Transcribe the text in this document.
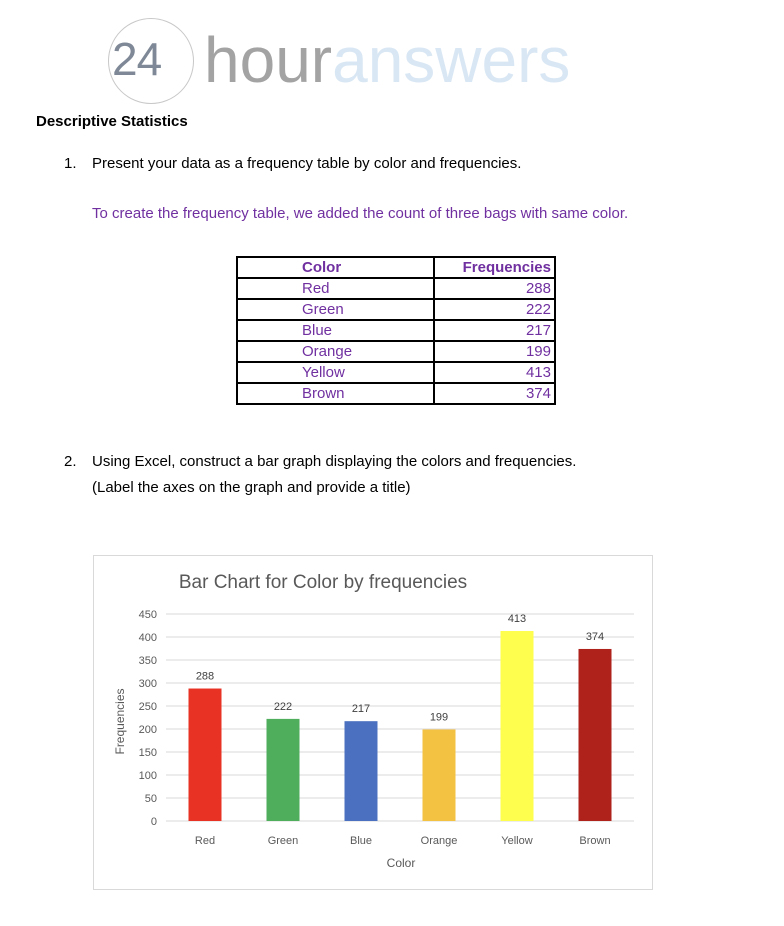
24 houranswers
Descriptive Statistics
1. Present your data as a frequency table by color and frequencies.
To create the frequency table, we added the count of three bags with same color.
Color	Frequencies
Red	288
Green	222
Blue	217
Orange	199
Yellow	413
Brown	374
2. Using Excel, construct a bar graph displaying the colors and frequencies.
(Label the axes on the graph and provide a title)
Bar Chart for Color by frequencies
0
50
100
150
200
250
300
350
400
450
288
Red
222
Green
217
Blue
199
Orange
413
Yellow
374
Brown
Color
Frequencies
